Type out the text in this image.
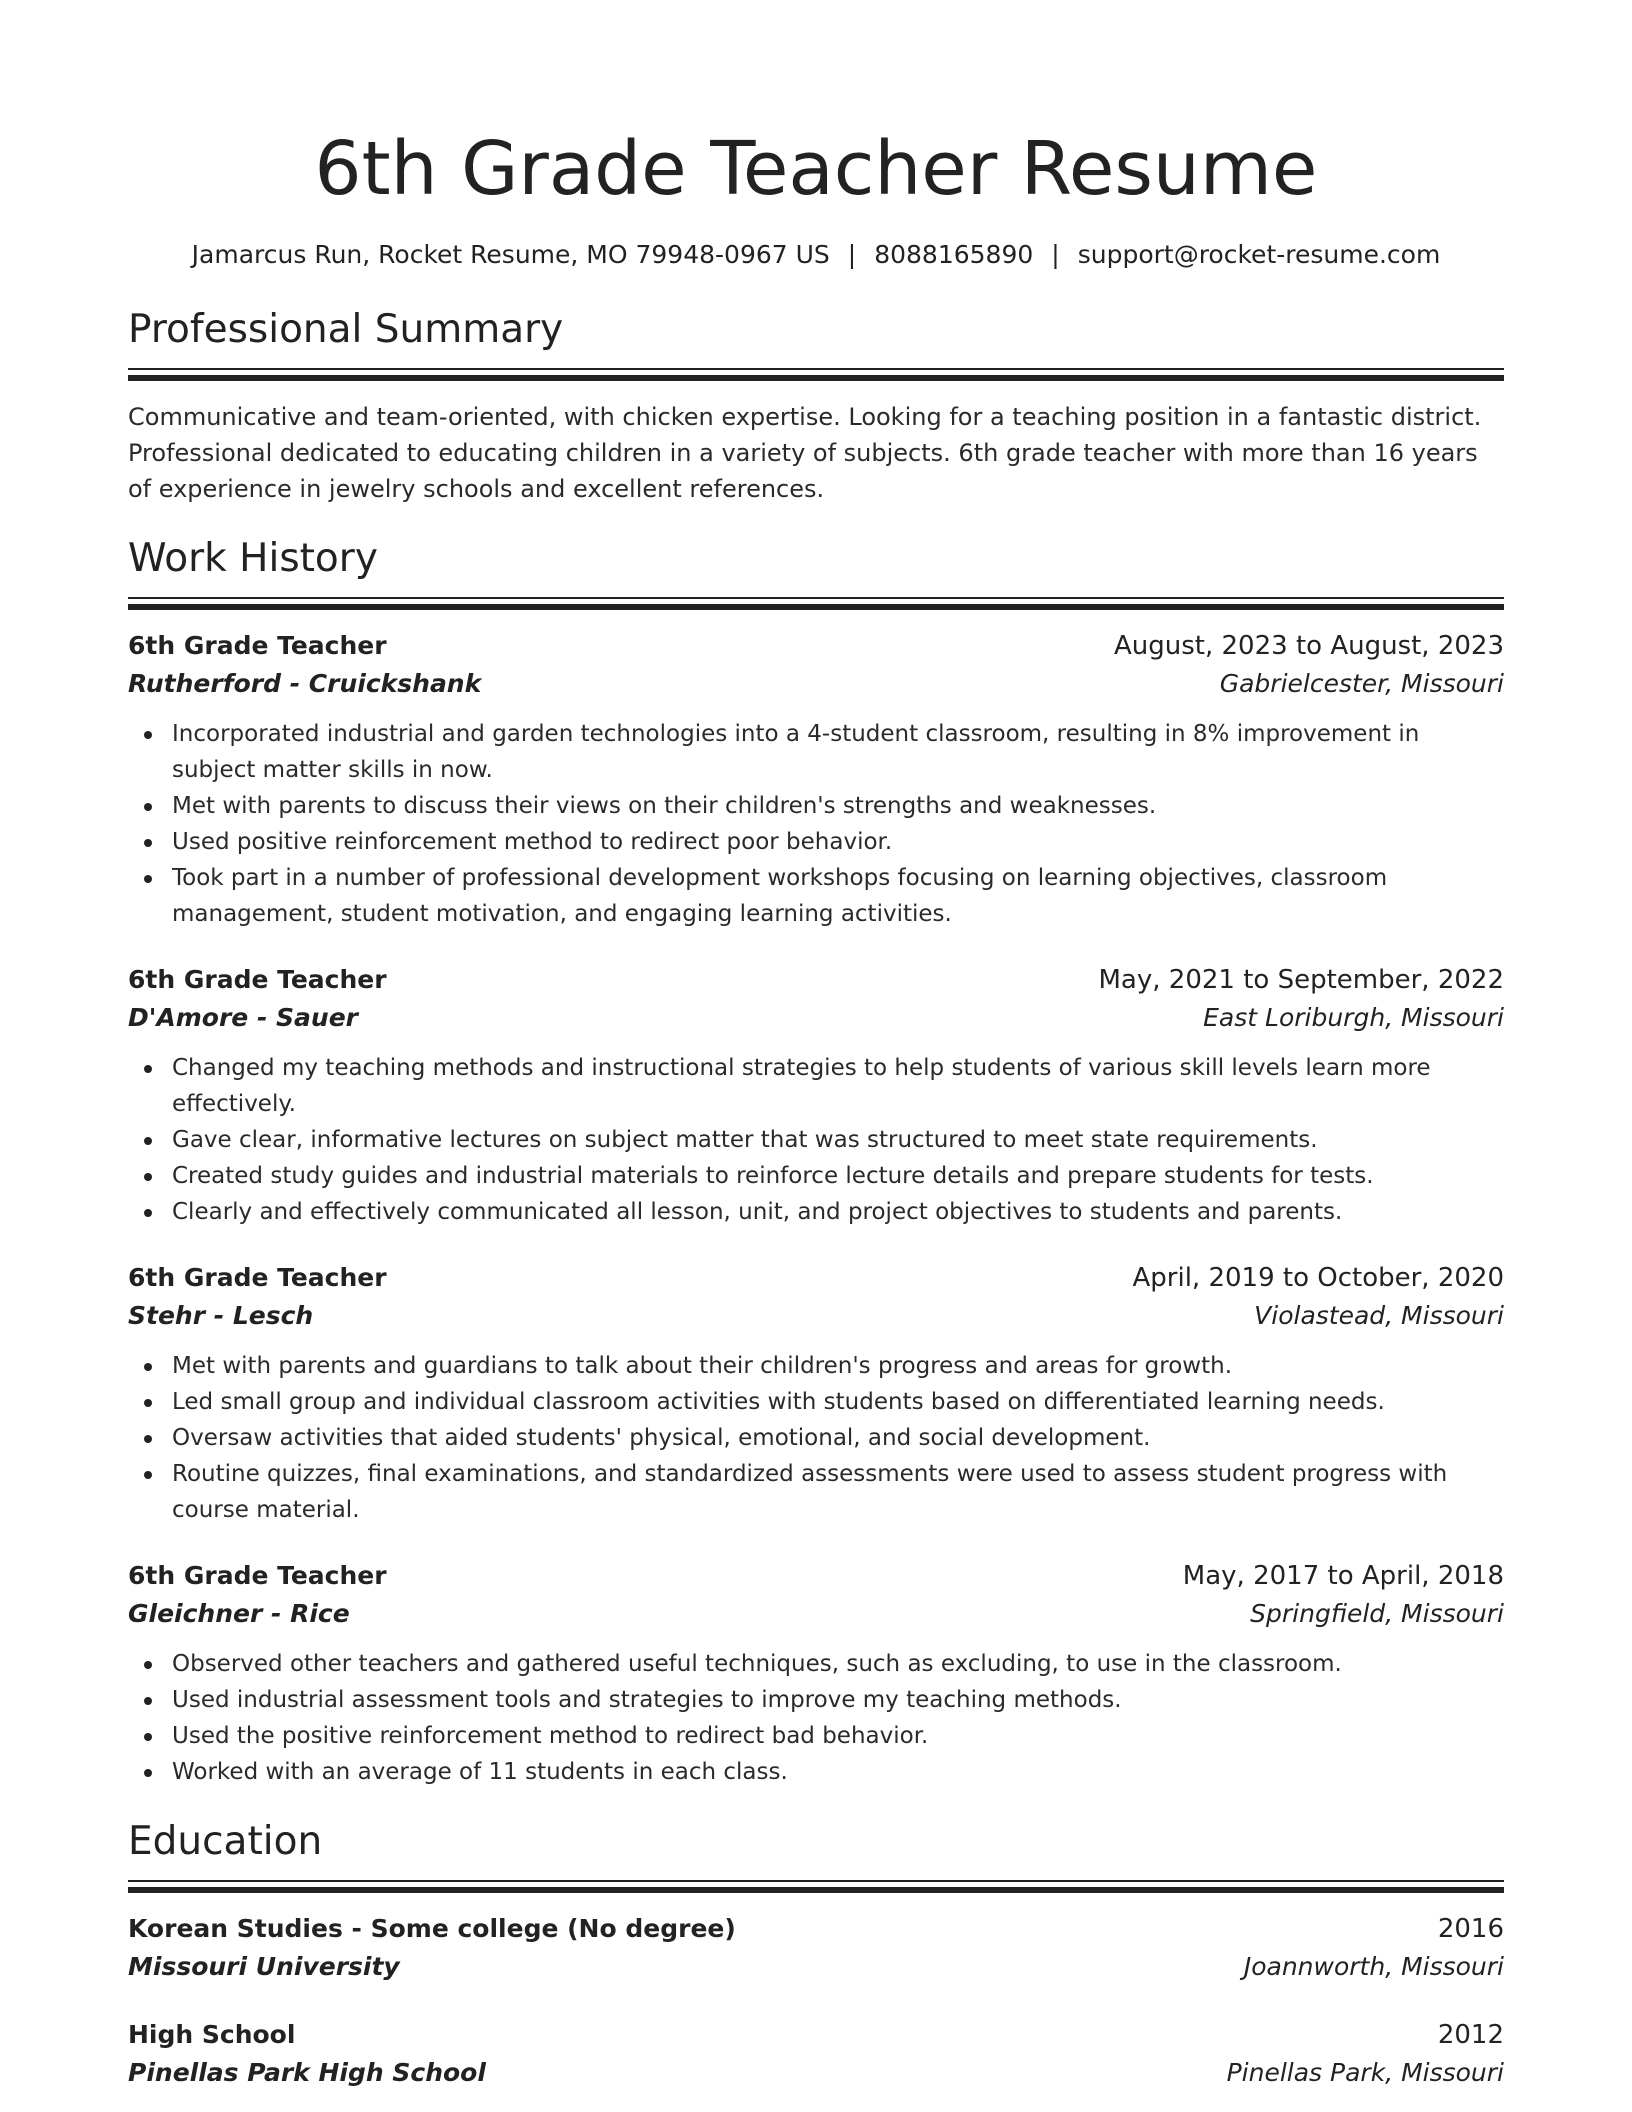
6th Grade Teacher Resume
Jamarcus Run, Rocket Resume, MO 79948-0967 US | 8088165890 | support@rocket-resume.com
Professional Summary

Communicative and team-oriented, with chicken expertise. Looking for a teaching position in a fantastic district. Professional dedicated to educating children in a variety of subjects. 6th grade teacher with more than 16 years of experience in jewelry schools and excellent references.

Work History
6th Grade Teacher	August, 2023 to August, 2023
Rutherford - Cruickshank	Gabrielcester, Missouri
Incorporated industrial and garden technologies into a 4-student classroom, resulting in 8% improvement in subject matter skills in now.
Met with parents to discuss their views on their children's strengths and weaknesses.
Used positive reinforcement method to redirect poor behavior.
Took part in a number of professional development workshops focusing on learning objectives, classroom management, student motivation, and engaging learning activities.
6th Grade Teacher	May, 2021 to September, 2022
D'Amore - Sauer	East Loriburgh, Missouri
Changed my teaching methods and instructional strategies to help students of various skill levels learn more effectively.
Gave clear, informative lectures on subject matter that was structured to meet state requirements.
Created study guides and industrial materials to reinforce lecture details and prepare students for tests.
Clearly and effectively communicated all lesson, unit, and project objectives to students and parents.
6th Grade Teacher	April, 2019 to October, 2020
Stehr - Lesch	Violastead, Missouri
Met with parents and guardians to talk about their children's progress and areas for growth.
Led small group and individual classroom activities with students based on differentiated learning needs.
Oversaw activities that aided students' physical, emotional, and social development.
Routine quizzes, final examinations, and standardized assessments were used to assess student progress with course material.
6th Grade Teacher	May, 2017 to April, 2018
Gleichner - Rice	Springfield, Missouri
Observed other teachers and gathered useful techniques, such as excluding, to use in the classroom.
Used industrial assessment tools and strategies to improve my teaching methods.
Used the positive reinforcement method to redirect bad behavior.
Worked with an average of 11 students in each class.
Education
Korean Studies - Some college (No degree)	2016
Missouri University	Joannworth, Missouri
High School	2012
Pinellas Park High School	Pinellas Park, Missouri
